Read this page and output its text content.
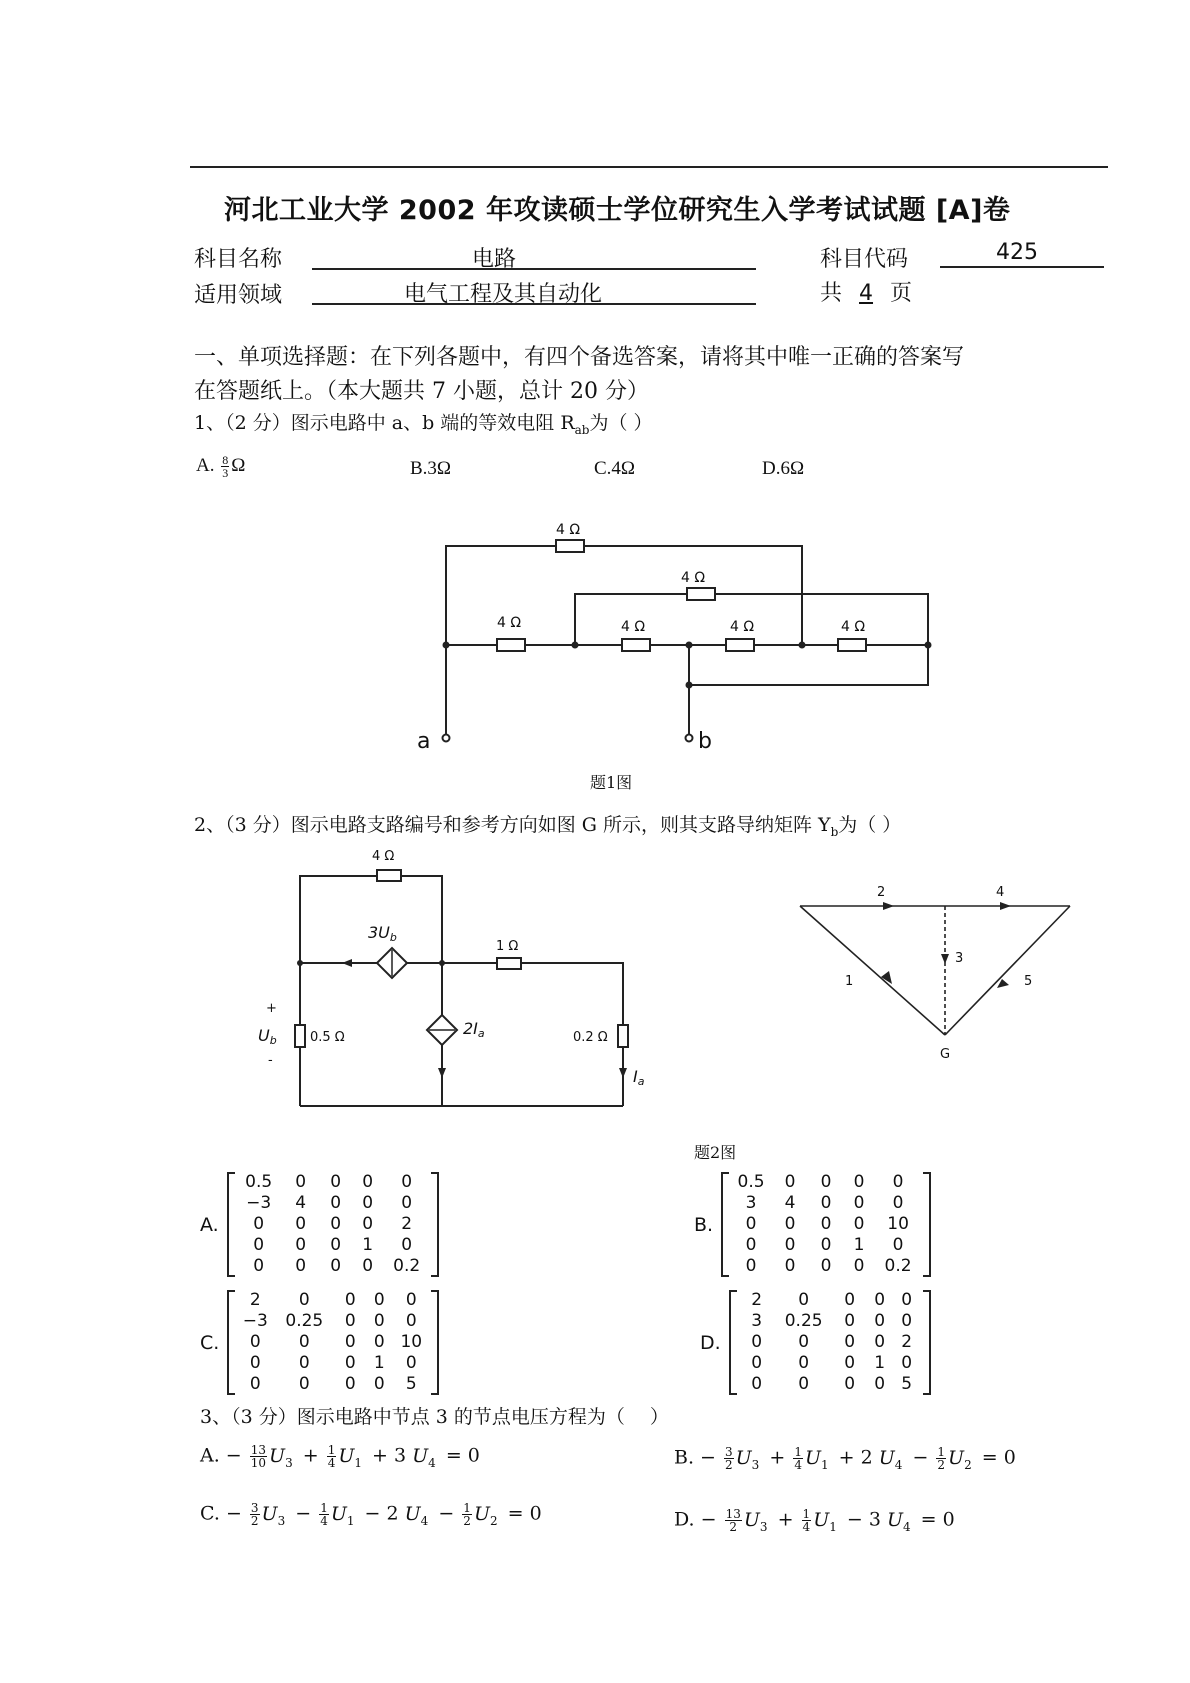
河北工业大学 2002 年攻读硕士学位研究生入学考试试题 [A]卷
科目名称	电路	科目代码	425
适用领域	电气工程及其自动化	共 4 页
一、单项选择题：在下列各题中，有四个备选答案，请将其中唯一正确的答案写
在答题纸上。（本大题共 7 小题，总计 20 分）
1、（2 分）图示电路中 a、b 端的等效电阻 $R_{ab}$为（ ）
A. $\frac{8}{3}$ Ω	B.3Ω	C.4Ω	D.6Ω
4 Ω
4 Ω
4 Ω	4 Ω	4 Ω	4 Ω
a	b
题1图
2、（3 分）图示电路支路编号和参考方向如图 G 所示，则其支路导纳矩阵 $Y_b$为（ ）
4 Ω
1 Ω
0.5 Ω	0.2 Ω
+
-
3Ub
2Ia
Ub
Ia
2	4
3
1	5
G
题2图
A.
0.5	0	0	0	0
−3	4	0	0	0
0	0	0	0	2
0	0	0	1	0
0	0	0	0	0.2
B.
0.5	0	0	0	0
3	4	0	0	0
0	0	0	0	10
0	0	0	1	0
0	0	0	0	0.2
C.
2	0	0	0	0
−3	0.25	0	0	0
0	0	0	0 10
0	0	0	1	0
0	0	0	0	5
D.
2	0	0	0 0
3	0.25	0	0 0
0	0	0	0 2
0	0	0	1 0
0	0	0	0 5
3、（3 分）图示电路中节点 3 的节点电压方程为（　 ）
A. − $\frac{13}{10} U_3 + \frac{1}{4} U_1 + 3$ $U_4 = 0$	B. − $\frac{3}{2} U_3 + \frac{1}{4} U_1 + 2$ $U_4 - \frac{1}{2} U_2 = 0$
C. − $\frac{3}{2} U_3 - \frac{1}{4} U_1 - 2$ $U_4 - \frac{1}{2} U_2 = 0$	D. − $\frac{13}{2} U_3 + \frac{1}{4} U_1 - 3$ $U_4 = 0$
